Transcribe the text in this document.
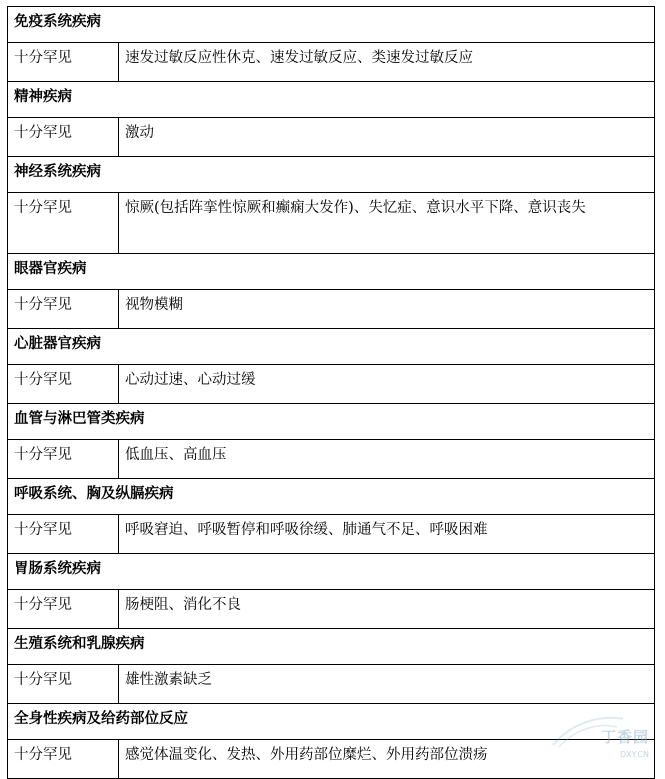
免疫系统疾病	
十分罕见	速发过敏反应性休克、速发过敏反应、类速发过敏反应
精神疾病	
十分罕见	激动
神经系统疾病	
十分罕见	惊厥(包括阵挛性惊厥和癫痫大发作)、失忆症、意识水平下降、意识丧失
眼器官疾病	
十分罕见	视物模糊
心脏器官疾病	
十分罕见	心动过速、心动过缓
血管与淋巴管类疾病	
十分罕见	低血压、高血压
呼吸系统、胸及纵膈疾病	
十分罕见	呼吸窘迫、呼吸暂停和呼吸徐缓、肺通气不足、呼吸困难
胃肠系统疾病	
十分罕见	肠梗阻、消化不良
生殖系统和乳腺疾病	
十分罕见	雄性激素缺乏
全身性疾病及给药部位反应	
十分罕见	感觉体温变化、发热、外用药部位糜烂、外用药部位溃疡
丁香园
DXY.CN
